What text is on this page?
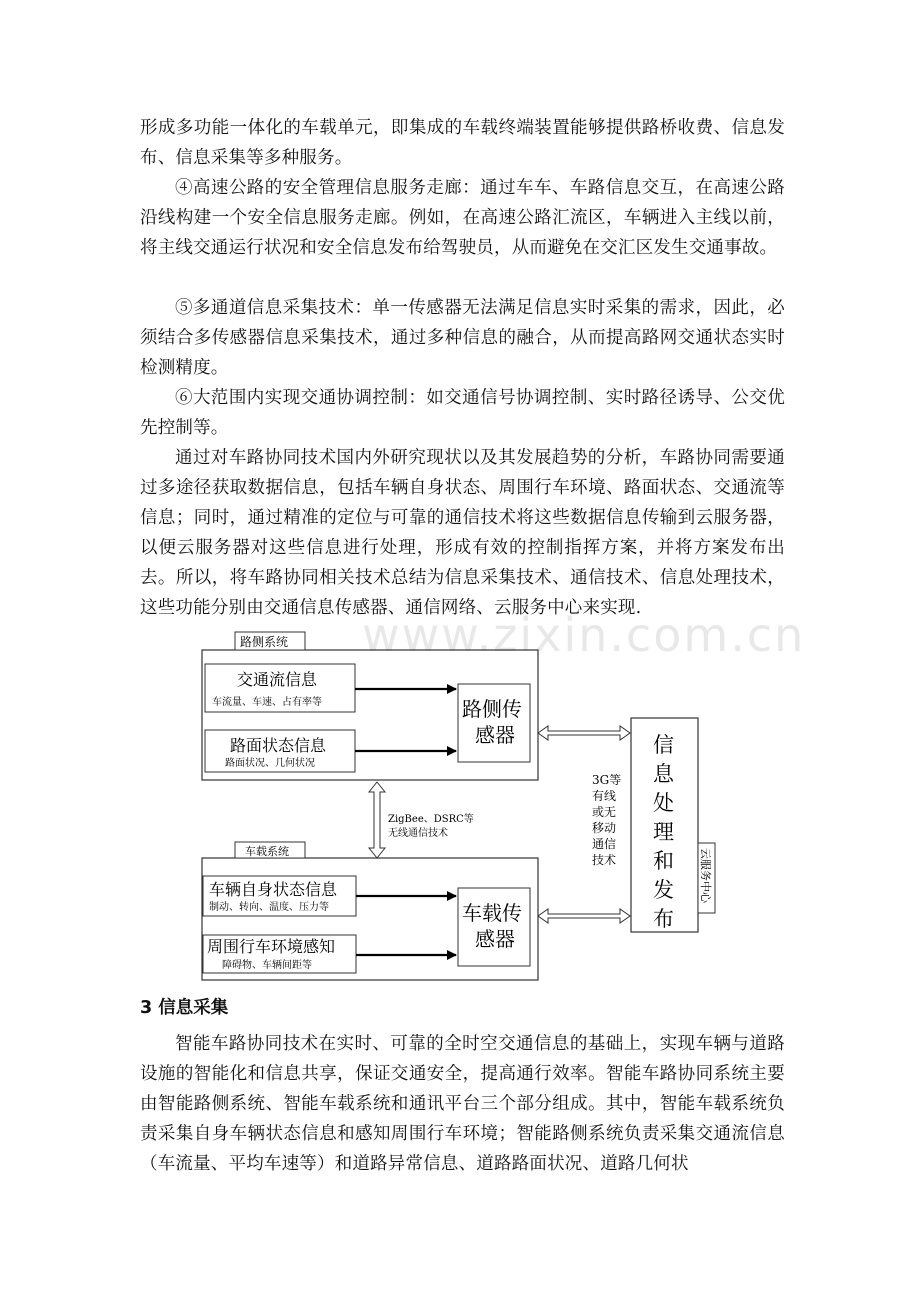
形成多功能一体化的车载单元，即集成的车载终端装置能够提供路桥收费、信息发布、信息采集等多种服务。

④高速公路的安全管理信息服务走廊：通过车车、车路信息交互，在高速公路沿线构建一个安全信息服务走廊。例如，在高速公路汇流区，车辆进入主线以前，将主线交通运行状况和安全信息发布给驾驶员，从而避免在交汇区发生交通事故。

⑤多通道信息采集技术：单一传感器无法满足信息实时采集的需求，因此，必须结合多传感器信息采集技术，通过多种信息的融合，从而提高路网交通状态实时检测精度。

⑥大范围内实现交通协调控制：如交通信号协调控制、实时路径诱导、公交优先控制等。

通过对车路协同技术国内外研究现状以及其发展趋势的分析，车路协同需要通过多途径获取数据信息，包括车辆自身状态、周围行车环境、路面状态、交通流等信息；同时，通过精准的定位与可靠的通信技术将这些数据信息传输到云服务器，以便云服务器对这些信息进行处理，形成有效的控制指挥方案，并将方案发布出去。所以，将车路协同相关技术总结为信息采集技术、通信技术、信息处理技术，这些功能分别由交通信息传感器、通信网络、云服务中心来实现.

www.zixin.com.cn
路侧系统
交通流信息
车流量、车速、占有率等
路面状态信息
路面状况、几何状况
路侧传
感器
ZigBee、DSRC等
无线通信技术
车载系统
车辆自身状态信息
制动、转向、温度、压力等
周围行车环境感知
障碍物、车辆间距等
车载传
感器
3G等
有线
或无
移动
通信
技术
信
息
处
理
和
发
布
云服务中心

3 信息采集

智能车路协同技术在实时、可靠的全时空交通信息的基础上，实现车辆与道路设施的智能化和信息共享，保证交通安全，提高通行效率。智能车路协同系统主要由智能路侧系统、智能车载系统和通讯平台三个部分组成。其中，智能车载系统负责采集自身车辆状态信息和感知周围行车环境；智能路侧系统负责采集交通流信息（车流量、平均车速等）和道路异常信息、道路路面状况、道路几何状
